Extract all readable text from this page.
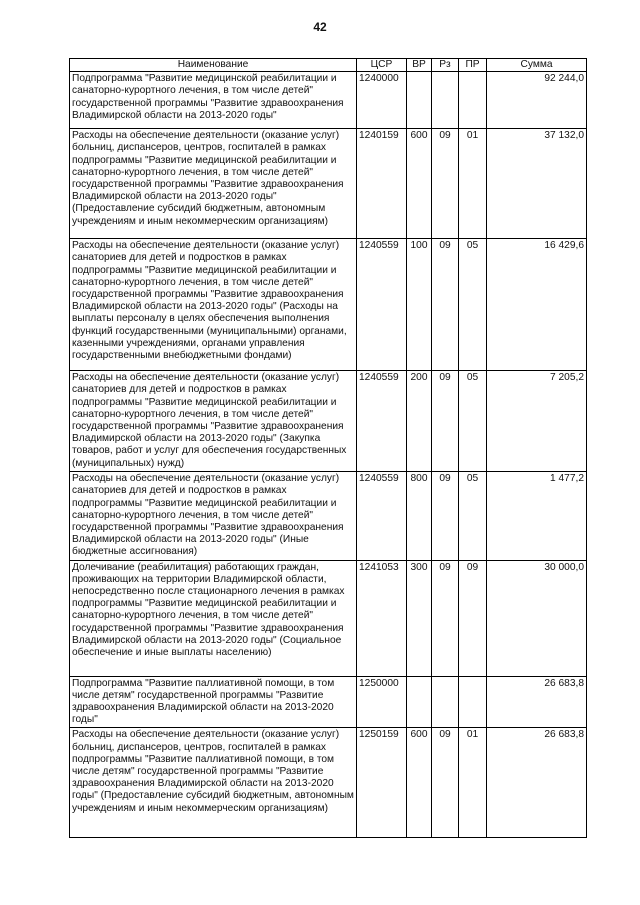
42
Наименование	ЦСР	ВР	Рз	ПР	Сумма
Подпрограмма "Развитие медицинской реабилитации и санаторно-курортного лечения, в том числе детей" государственной программы "Развитие здравоохранения Владимирской области на 2013-2020 годы"	1240000				92 244,0
Расходы на обеспечение деятельности (оказание услуг) больниц, диспансеров, центров, госпиталей в рамках подпрограммы "Развитие медицинской реабилитации и санаторно-курортного лечения, в том числе детей" государственной программы "Развитие здравоохранения Владимирской области на 2013-2020 годы" (Предоставление субсидий бюджетным, автономным учреждениям и иным некоммерческим организациям)	1240159	600	09	01	37 132,0
Расходы на обеспечение деятельности (оказание услуг) санаториев для детей и подростков в рамках подпрограммы "Развитие медицинской реабилитации и санаторно-курортного лечения, в том числе детей" государственной программы "Развитие здравоохранения Владимирской области на 2013-2020 годы" (Расходы на выплаты персоналу в целях обеспечения выполнения функций государственными (муниципальными) органами, казенными учреждениями, органами управления государственными внебюджетными фондами)	1240559	100	09	05	16 429,6
Расходы на обеспечение деятельности (оказание услуг) санаториев для детей и подростков в рамках подпрограммы "Развитие медицинской реабилитации и санаторно-курортного лечения, в том числе детей" государственной программы "Развитие здравоохранения Владимирской области на 2013-2020 годы" (Закупка товаров, работ и услуг для обеспечения государственных (муниципальных) нужд)	1240559	200	09	05	7 205,2
Расходы на обеспечение деятельности (оказание услуг) санаториев для детей и подростков в рамках подпрограммы "Развитие медицинской реабилитации и санаторно-курортного лечения, в том числе детей" государственной программы "Развитие здравоохранения Владимирской области на 2013-2020 годы" (Иные бюджетные ассигнования)	1240559	800	09	05	1 477,2
Долечивание (реабилитация) работающих граждан, проживающих на территории Владимирской области, непосредственно после стационарного лечения в рамках подпрограммы "Развитие медицинской реабилитации и санаторно-курортного лечения, в том числе детей" государственной программы "Развитие здравоохранения Владимирской области на 2013-2020 годы" (Социальное обеспечение и иные выплаты населению)	1241053	300	09	09	30 000,0
Подпрограмма "Развитие паллиативной помощи, в том числе детям" государственной программы "Развитие здравоохранения Владимирской области на 2013-2020 годы"	1250000				26 683,8
Расходы на обеспечение деятельности (оказание услуг) больниц, диспансеров, центров, госпиталей в рамках подпрограммы "Развитие паллиативной помощи, в том числе детям" государственной программы "Развитие здравоохранения Владимирской области на 2013-2020 годы" (Предоставление субсидий бюджетным, автономным учреждениям и иным некоммерческим организациям)	1250159	600	09	01	26 683,8
